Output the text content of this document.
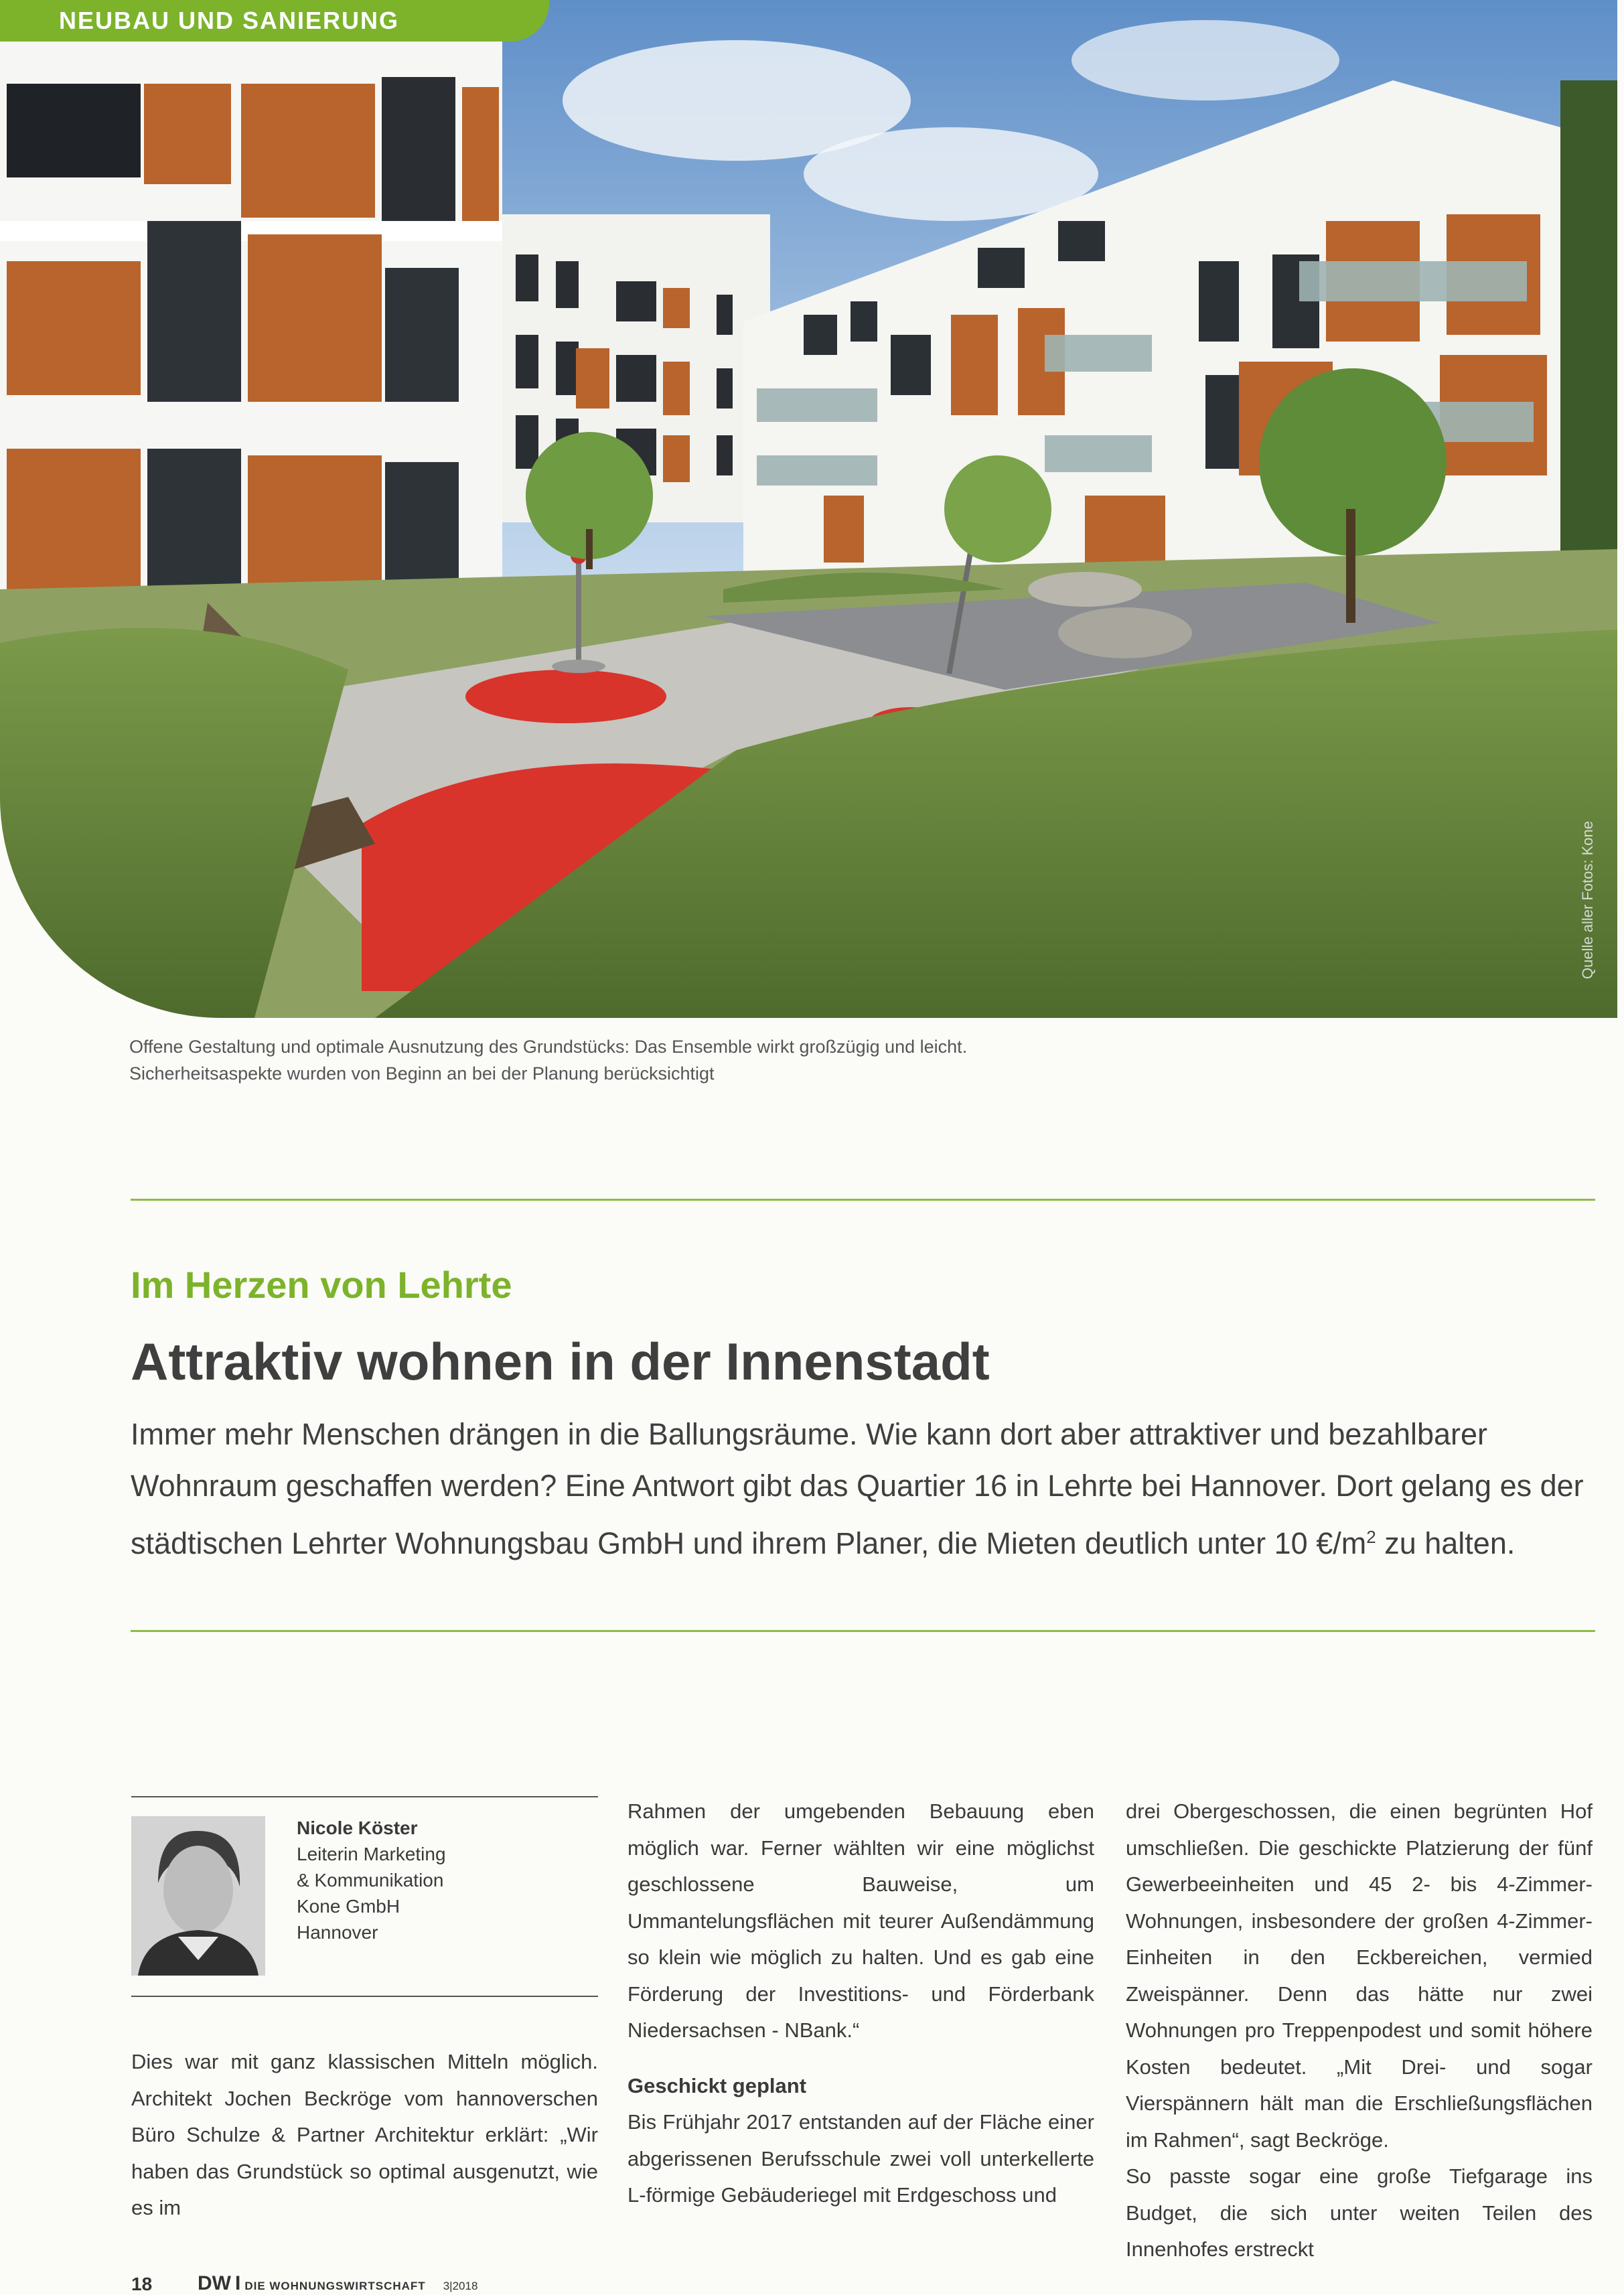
NEUBAU UND SANIERUNG
Quelle aller Fotos: Kone
Offene Gestaltung und optimale Ausnutzung des Grundstücks: Das Ensemble wirkt großzügig und leicht.
Sicherheitsaspekte wurden von Beginn an bei der Planung berücksichtigt
Im Herzen von Lehrte
Attraktiv wohnen in der Innenstadt
Immer mehr Menschen drängen in die Ballungsräume. Wie kann dort aber attraktiver und bezahlbarer Wohnraum geschaffen werden? Eine Antwort gibt das Quartier 16 in Lehrte bei Hannover. Dort gelang es der städtischen Lehrter Wohnungsbau GmbH und ihrem Planer, die Mieten deutlich unter 10 $€/m^2$ zu halten.
Nicole Köster
Leiterin Marketing
& Kommunikation
Kone GmbH
Hannover

Dies war mit ganz klassischen Mitteln möglich. Architekt Jochen Beckröge vom hannoverschen Büro Schulze & Partner Architektur erklärt: „Wir haben das Grundstück so optimal ausgenutzt, wie es im

Rahmen der umgebenden Bebauung eben möglich war. Ferner wählten wir eine möglichst geschlossene Bauweise, um Ummantelungsflächen mit teurer Außendämmung so klein wie möglich zu halten. Und es gab eine Förderung der Investitions- und Förderbank Niedersachsen - NBank.“

Geschickt geplant

Bis Frühjahr 2017 entstanden auf der Fläche einer abgerissenen Berufsschule zwei voll unterkellerte L-förmige Gebäuderiegel mit Erdgeschoss und

drei Obergeschossen, die einen begrünten Hof umschließen. Die geschickte Platzierung der fünf Gewerbeeinheiten und 45 2- bis 4-Zimmer-Wohnungen, insbesondere der großen 4-Zimmer-Einheiten in den Eckbereichen, vermied Zweispänner. Denn das hätte nur zwei Wohnungen pro Treppenpodest und somit höhere Kosten bedeutet. „Mit Drei- und sogar Vierspännern hält man die Erschließungsflächen im Rahmen“, sagt Beckröge.

So passte sogar eine große Tiefgarage ins Budget, die sich unter weiten Teilen des Innenhofes erstreckt

18 DW I DIE WOHNUNGSWIRTSCHAFT 3|2018
